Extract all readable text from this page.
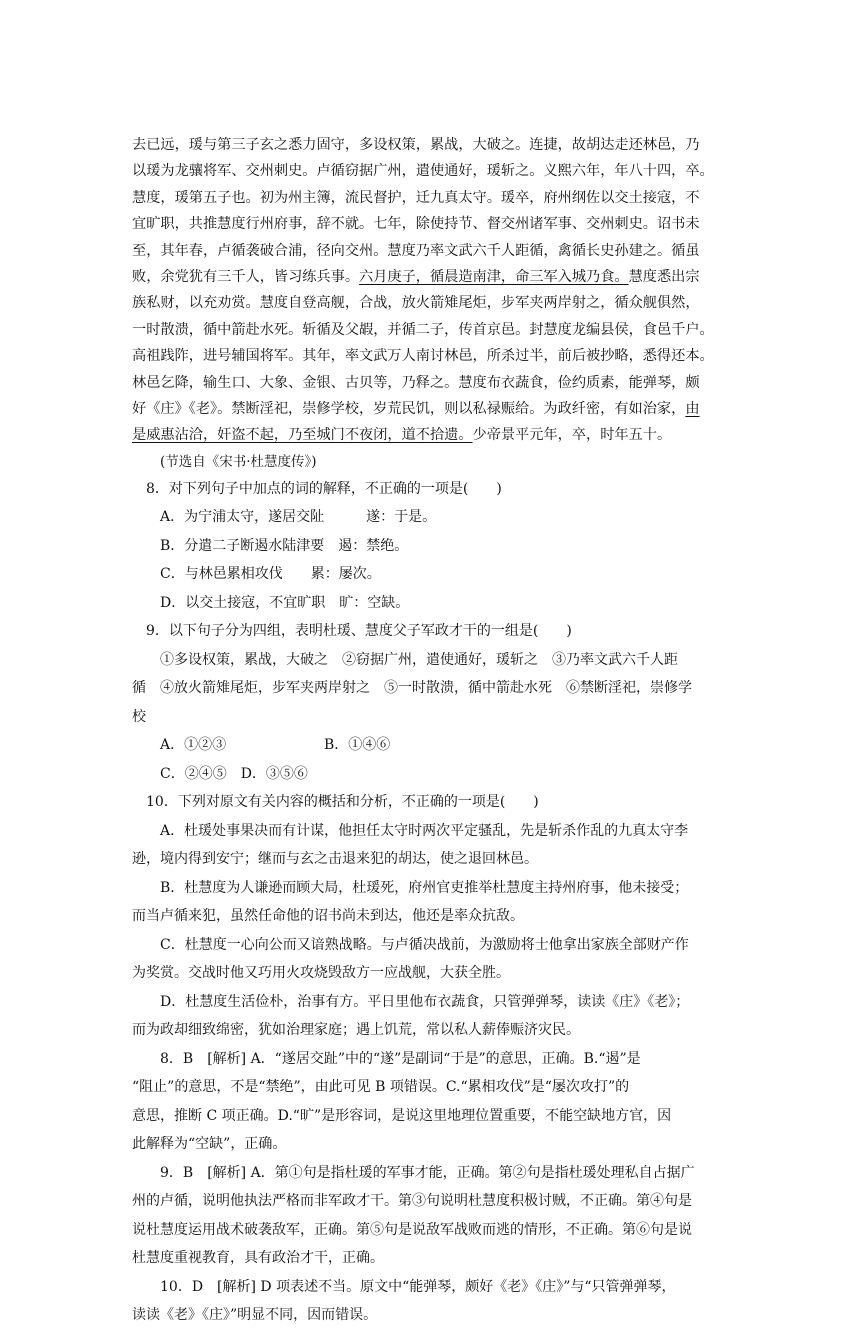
去已远，瑗与第三子玄之悉力固守，多设权策，累战，大破之。连捷，故胡达走还林邑，乃

以瑗为龙骧将军、交州刺史。卢循窃据广州，遣使通好，瑗斩之。义熙六年，年八十四，卒。

慧度，瑗第五子也。初为州主簿，流民督护，迁九真太守。瑗卒，府州纲佐以交土接寇，不

宜旷职，共推慧度行州府事，辞不就。七年，除使持节、督交州诸军事、交州刺史。诏书未

至，其年春，卢循袭破合浦，径向交州。慧度乃率文武六千人距循，禽循长史孙建之。循虽

败，余党犹有三千人，皆习练兵事。六月庚子，循晨造南津，命三军入城乃食。慧度悉出宗

族私财，以充劝赏。慧度自登高舰，合战，放火箭雉尾炬，步军夹两岸射之，循众舰俱然，

一时散溃，循中箭赴水死。斩循及父嘏，并循二子，传首京邑。封慧度龙编县侯，食邑千户。

高祖践阼，进号辅国将军。其年，率文武万人南讨林邑，所杀过半，前后被抄略，悉得还本。

林邑乞降，输生口、大象、金银、古贝等，乃释之。慧度布衣蔬食，俭约质素，能弹琴，颇

好《庄》《老》。禁断淫祀，崇修学校，岁荒民饥，则以私禄赈给。为政纤密，有如治家，由

是威惠沾洽，奸盗不起，乃至城门不夜闭，道不拾遗。少帝景平元年，卒，时年五十。

(节选自《宋书·杜慧度传》)

8．对下列句子中加点的词的解释，不正确的一项是(　　)

A．为宁浦太守，遂居交阯　　　遂：于是。

B．分遣二子断遏水陆津要　遏：禁绝。

C．与林邑累相攻伐　　累：屡次。

D．以交土接寇，不宜旷职　旷：空缺。

9．以下句子分为四组，表明杜瑗、慧度父子军政才干的一组是(　　)

①多设权策，累战，大破之　②窃据广州，遣使通好，瑗斩之　③乃率文武六千人距

循　④放火箭雉尾炬，步军夹两岸射之　⑤一时散溃，循中箭赴水死　⑥禁断淫祀，崇修学

校

A．①②③	B．①④⑥

C．②④⑤　D．③⑤⑥

10．下列对原文有关内容的概括和分析，不正确的一项是(　　)

A．杜瑗处事果决而有计谋，他担任太守时两次平定骚乱，先是斩杀作乱的九真太守李

逊，境内得到安宁；继而与玄之击退来犯的胡达，使之退回林邑。

B．杜慧度为人谦逊而顾大局，杜瑗死，府州官吏推举杜慧度主持州府事，他未接受；

而当卢循来犯，虽然任命他的诏书尚未到达，他还是率众抗敌。

C．杜慧度一心向公而又谙熟战略。与卢循决战前，为激励将士他拿出家族全部财产作

为奖赏。交战时他又巧用火攻烧毁敌方一应战舰，大获全胜。

D．杜慧度生活俭朴，治事有方。平日里他布衣蔬食，只管弹弹琴，读读《庄》《老》；

而为政却细致绵密，犹如治理家庭；遇上饥荒，常以私人薪俸赈济灾民。

8．B　[解析] A．“遂居交趾”中的“遂”是副词“于是”的意思，正确。B.“遏”是

“阻止”的意思，不是“禁绝”，由此可见 B 项错误。C.“累相攻伐”是“屡次攻打”的

意思，推断 C 项正确。D.“旷”是形容词，是说这里地理位置重要，不能空缺地方官，因

此解释为“空缺”，正确。

9．B　[解析] A．第①句是指杜瑗的军事才能，正确。第②句是指杜瑗处理私自占据广

州的卢循，说明他执法严格而非军政才干。第③句说明杜慧度积极讨贼，不正确。第④句是

说杜慧度运用战术破袭敌军，正确。第⑤句是说敌军战败而逃的情形，不正确。第⑥句是说

杜慧度重视教育，具有政治才干，正确。

10．D　[解析] D 项表述不当。原文中“能弹琴，颇好《老》《庄》”与“只管弹弹琴，

读读《老》《庄》”明显不同，因而错误。
